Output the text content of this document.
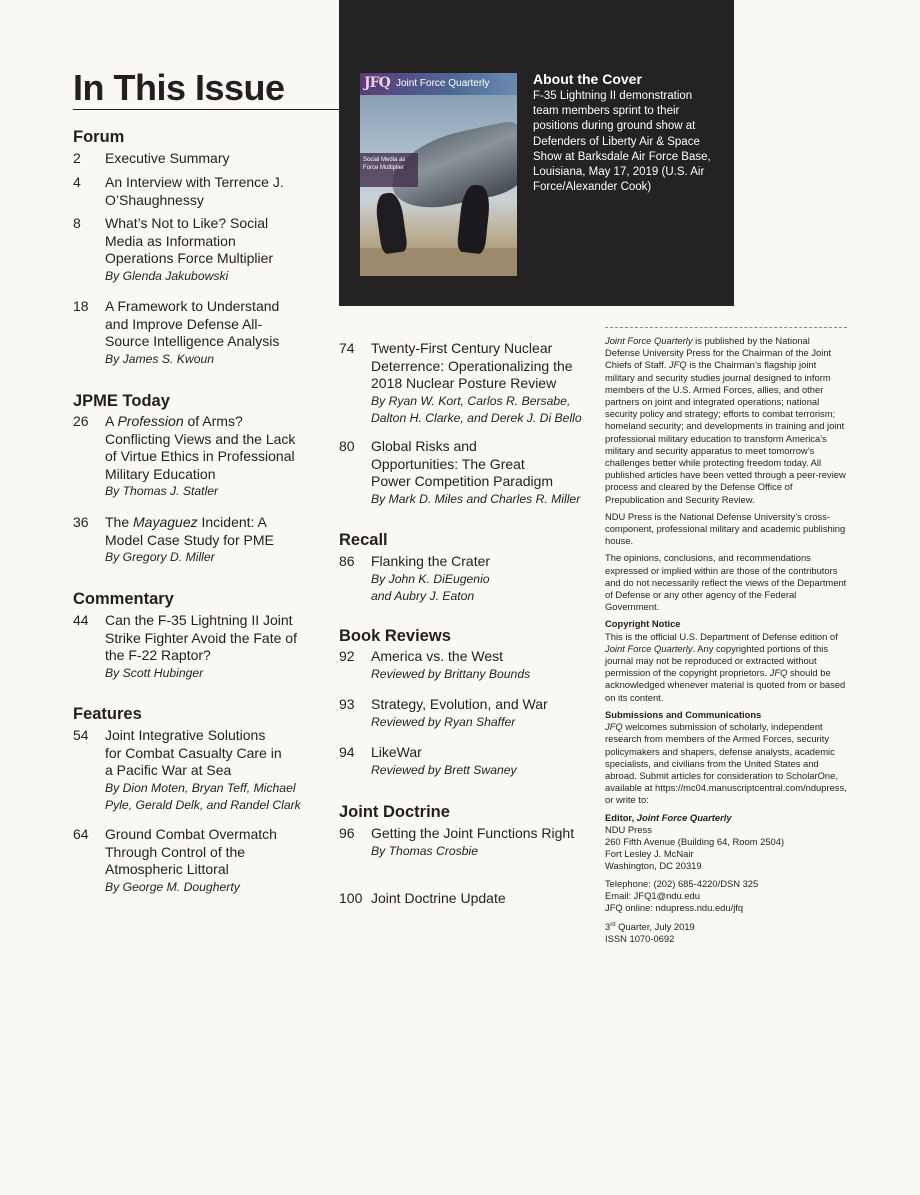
JFQ Joint Force Quarterly
Social Media as
Force Multiplier
About the Cover
F-35 Lightning II demonstration team members sprint to their positions during ground show at Defenders of Liberty Air & Space Show at Barksdale Air Force Base, Louisiana, May 17, 2019 (U.S. Air Force/Alexander Cook)
In This Issue
Forum
2 Executive Summary
4 An Interview with Terrence J. O’Shaughnessy
8 What’s Not to Like? Social Media as Information Operations Force Multiplier
By Glenda Jakubowski
18 A Framework to Understand and Improve Defense All-Source Intelligence Analysis
By James S. Kwoun
JPME Today
26 A Profession of Arms? Conflicting Views and the Lack of Virtue Ethics in Professional Military Education
By Thomas J. Statler
36 The Mayaguez Incident: A Model Case Study for PME
By Gregory D. Miller
Commentary
44 Can the F-35 Lightning II Joint Strike Fighter Avoid the Fate of the F-22 Raptor?
By Scott Hubinger
Features
54 Joint Integrative Solutions for Combat Casualty Care in a Pacific War at Sea
By Dion Moten, Bryan Teff, Michael Pyle, Gerald Delk, and Randel Clark
64 Ground Combat Overmatch Through Control of the Atmospheric Littoral
By George M. Dougherty
74 Twenty-First Century Nuclear Deterrence: Operationalizing the 2018 Nuclear Posture Review
By Ryan W. Kort, Carlos R. Bersabe, Dalton H. Clarke, and Derek J. Di Bello
80 Global Risks and Opportunities: The Great Power Competition Paradigm
By Mark D. Miles and Charles R. Miller
Recall
86 Flanking the Crater
By John K. DiEugenio and Aubry J. Eaton
Book Reviews
92 America vs. the West
Reviewed by Brittany Bounds
93 Strategy, Evolution, and War
Reviewed by Ryan Shaffer
94 LikeWar
Reviewed by Brett Swaney
Joint Doctrine
96 Getting the Joint Functions Right
By Thomas Crosbie
100 Joint Doctrine Update

Joint Force Quarterly is published by the National Defense University Press for the Chairman of the Joint Chiefs of Staff. JFQ is the Chairman’s flagship joint military and security studies journal designed to inform members of the U.S. Armed Forces, allies, and other partners on joint and integrated operations; national security policy and strategy; efforts to combat terrorism; homeland security; and developments in training and joint professional military education to transform America’s military and security apparatus to meet tomorrow’s challenges better while protecting freedom today. All published articles have been vetted through a peer-review process and cleared by the Defense Office of Prepublication and Security Review.

NDU Press is the National Defense University’s cross-component, professional military and academic publishing house.

The opinions, conclusions, and recommendations expressed or implied within are those of the contributors and do not necessarily reflect the views of the Department of Defense or any other agency of the Federal Government.

Copyright Notice
This is the official U.S. Department of Defense edition of Joint Force Quarterly. Any copyrighted portions of this journal may not be reproduced or extracted without permission of the copyright proprietors. JFQ should be acknowledged whenever material is quoted from or based on its content.

Submissions and Communications
JFQ welcomes submission of scholarly, independent research from members of the Armed Forces, security policymakers and shapers, defense analysts, academic specialists, and civilians from the United States and abroad. Submit articles for consideration to ScholarOne, available at https://mc04.manuscriptcentral.com/ndupress, or write to:

Editor, Joint Force Quarterly
NDU Press
260 Fifth Avenue (Building 64, Room 2504)
Fort Lesley J. McNair
Washington, DC 20319

Telephone: (202) 685-4220/DSN 325
Email: JFQ1@ndu.edu
JFQ online: ndupress.ndu.edu/jfq

3rd Quarter, July 2019
ISSN 1070-0692
